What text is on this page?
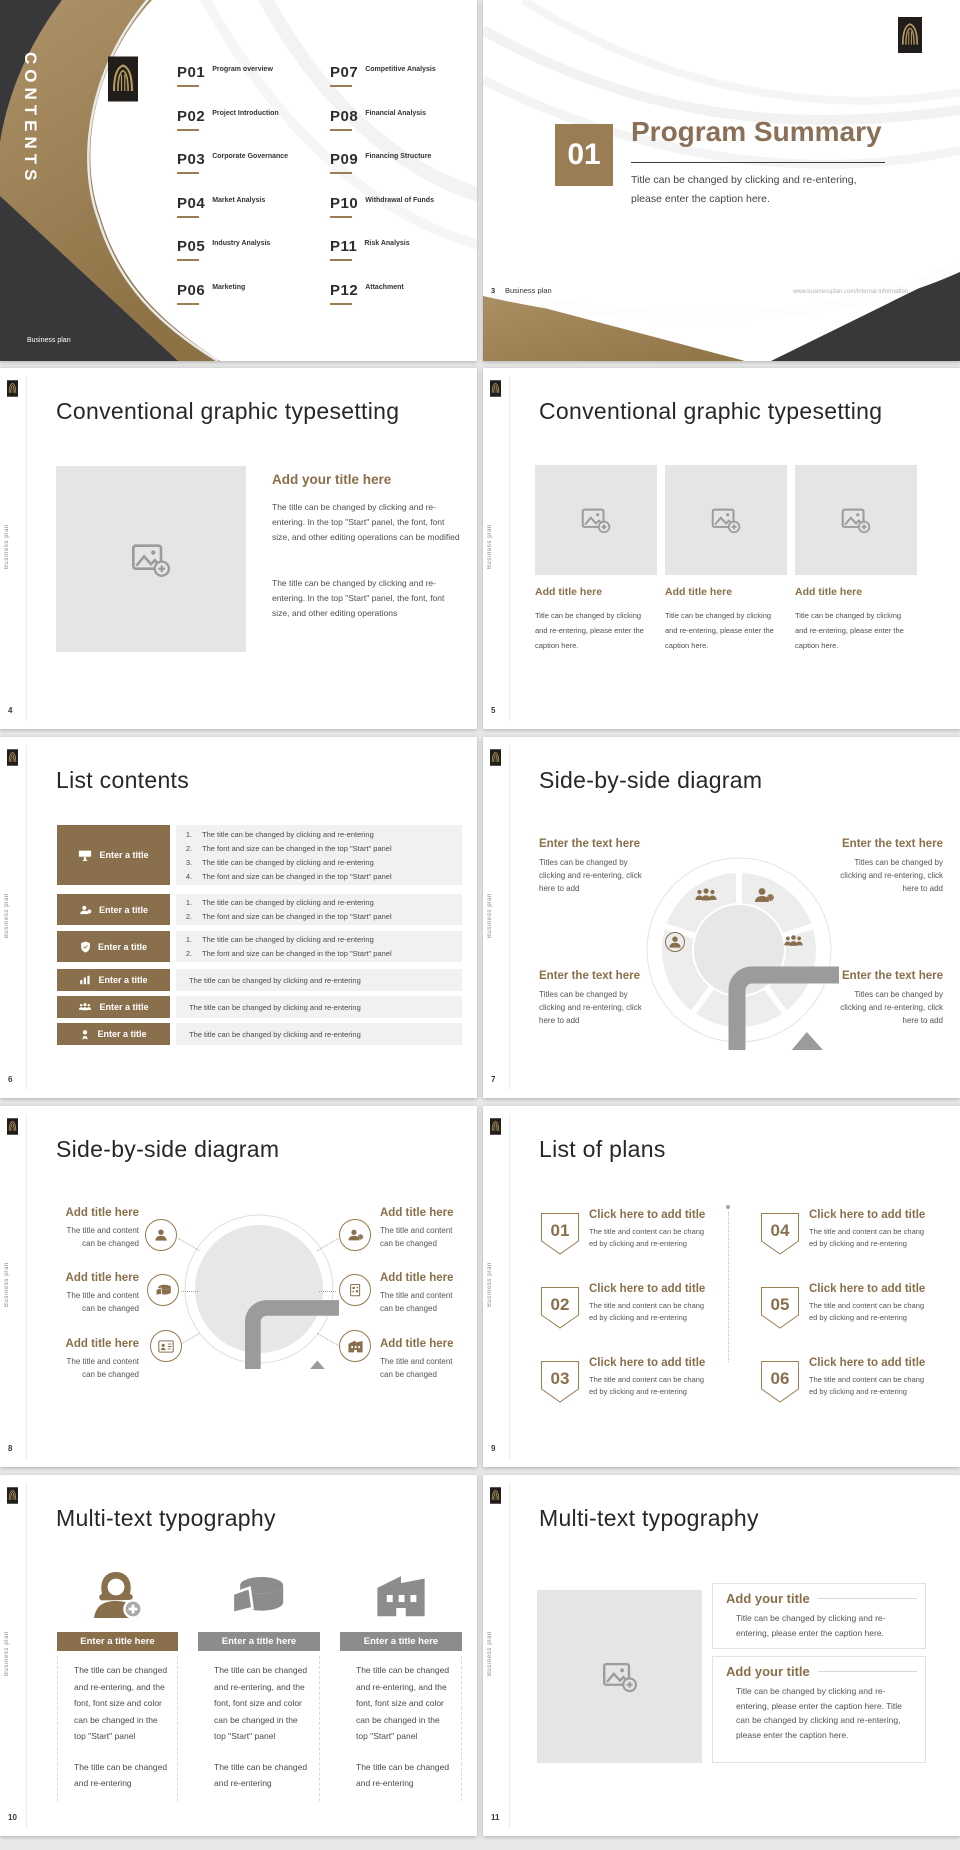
CONTENTS	P01 $^{Program overview}$
P02 $^{Project Introduction}$
P03 $^{Corporate Governance}$
P04 $^{Market Analysis}$
P05 $^{Industry Analysis}$
P06 $^{Marketing}$
P07 $^{Competitive Analysis}$
P08 $^{Financial Analysis}$
P09 $^{Financing Structure}$
P10 $^{Withdrawal of Funds}$
P11 $^{Risk Analysis}$
P12 $^{Attachment}$
Business plan
01
Program Summary
Title can be changed by clicking and re-entering,
please enter the caption here.
3 Business plan	www.businessplan.com/internal information
Business plan
4
Conventional graphic typesetting
Add your title here
The title can be changed by clicking and re-entering. In the top "Start" panel, the font, font size, and other editing operations can be modified
The title can be changed by clicking and re-entering. In the top "Start" panel, the font, font size, and other editing operations
Business plan
5
Conventional graphic typesetting
Add title here	Add title here	Add title here
Title can be changed by clicking and re-entering, please enter the caption here.
Title can be changed by clicking and re-entering, please enter the caption here.
Title can be changed by clicking and re-entering, please enter the caption here.
Business plan
6
List contents
Enter a title
1.	The title can be changed by clicking and re-entering
2.	The font and size can be changed in the top "Start" panel
3.	The title can be changed by clicking and re-entering
4.	The font and size can be changed in the top "Start" panel
Enter a title
1.	The title can be changed by clicking and re-entering
2.	The font and size can be changed in the top "Start" panel
Enter a title
1.	The title can be changed by clicking and re-entering
2.	The font and size can be changed in the top "Start" panel
Enter a title	The title can be changed by clicking and re-entering
Enter a title	The title can be changed by clicking and re-entering
Enter a title	The title can be changed by clicking and re-entering
Business plan
7
Side-by-side diagram
Enter the text here
Titles can be changed by clicking and re-entering, click here to add
Enter the text here
Titles can be changed by clicking and re-entering, click here to add
Enter the text here
Titles can be changed by clicking and re-entering, click here to add
Enter the text here
Titles can be changed by clicking and re-entering, click here to add
Business plan
8
Side-by-side diagram
Add title here
The title and content
can be changed
Add title here
The title and content
can be changed
Add title here
The title and content
can be changed
Add title here
The title and content
can be changed
Add title here
The title and content
can be changed
Add title here
The title and content
can be changed
Business plan
9
List of plans
01
Click here to add title
The title and content can be chang
ed by clicking and re-entering
02
Click here to add title
The title and content can be chang
ed by clicking and re-entering
03
Click here to add title
The title and content can be chang
ed by clicking and re-entering
04
Click here to add title
The title and content can be chang
ed by clicking and re-entering
05
Click here to add title
The title and content can be chang
ed by clicking and re-entering
06
Click here to add title
The title and content can be chang
ed by clicking and re-entering
Business plan
10
Multi-text typography
Enter a title here	Enter a title here	Enter a title here
The title can be changed
and re-entering, and the
font, font size and color
can be changed in the
top "Start" panel
The title can be changed
and re-entering
The title can be changed
and re-entering, and the
font, font size and color
can be changed in the
top "Start" panel
The title can be changed
and re-entering
The title can be changed
and re-entering, and the
font, font size and color
can be changed in the
top "Start" panel
The title can be changed
and re-entering
Business plan
11
Multi-text typography
Add your title
Title can be changed by clicking and re-entering, please enter the caption here.
Add your title
Title can be changed by clicking and re-entering, please enter the caption here. Title can be changed by clicking and re-entering, please enter the caption here.
